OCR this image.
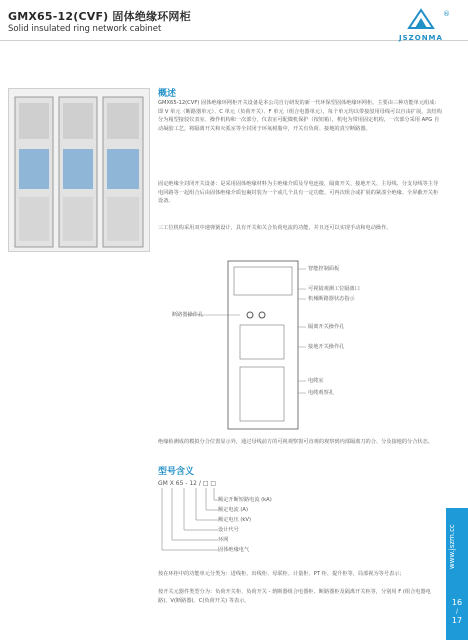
GMX65-12(CVF) 固体绝缘环网柜
Solid insulated ring network cabinet
JSZONMA
®
概述
GMX65-12(CVF) 固体绝缘环网柜开关设备是本公司自行研发的新一代环保型固体绝缘环网柜。主要由三种功能单元组成：即 V 单元（断路器单元）、C 单元（负荷开关）、F 单元（组合电器单元），每个单元均以带接驳用母线可以自由扩展，其结构分为箱型接驳仪表室、操作机构和一次部分，仪表室可配微机保护（按钮箱），机电为带用固定机构，一次部分采用 APG 自动凝胶工艺，将隔离开关和灭弧室等全封闭于环氧树脂中，开关有负荷、接地的真空断路器。
固定绝缘全封闭开关设备：是采用固体绝缘材料为主绝缘介质及导电连接，隔离开关、接地开关、主母线、分支母线等主导电回路等一起组合后由固体绝缘介质包裹封装为一个或几个具有一定功能、可再次组合或扩展的紧凑全绝缘、全屏蔽开关柜设备。
三工位机构采用双中速弹簧设计，具有开关和关合负荷电流的功能，并且还可以实现手动和电动操作。
断路器操作孔
智能控制面板
可视镜观测工位隔离口
机械断路器状态指示
隔离开关操作孔
接地开关操作孔
电缆室
电缆观察孔
绝缘检测成的模拟分合位置显示外，通过母线前方的可视观察窗可直观的观察到内部隔离刀的合、分及接地的分合状态。
型号含义
GM X 65 - 12 / □ □
额定开断短路电流 (kA)
额定电流 (A)
额定电压 (kV)
设计代号
环网
固体绝缘电气
按在环柜中的功能单元分类为：进线柜、出线柜、母联柜、计量柜、PT 柜、提升柜等，局部视为等号表示；
按开关元器件类型分为：负荷开关柜、负荷开关 - 熔断器组合电器柜、断路器柜及隔离开关柜等，分别用 F (组合电器电路)、V(断路器)、C(负荷开关) 等表示。
www.jszm.cc
16
/
17
